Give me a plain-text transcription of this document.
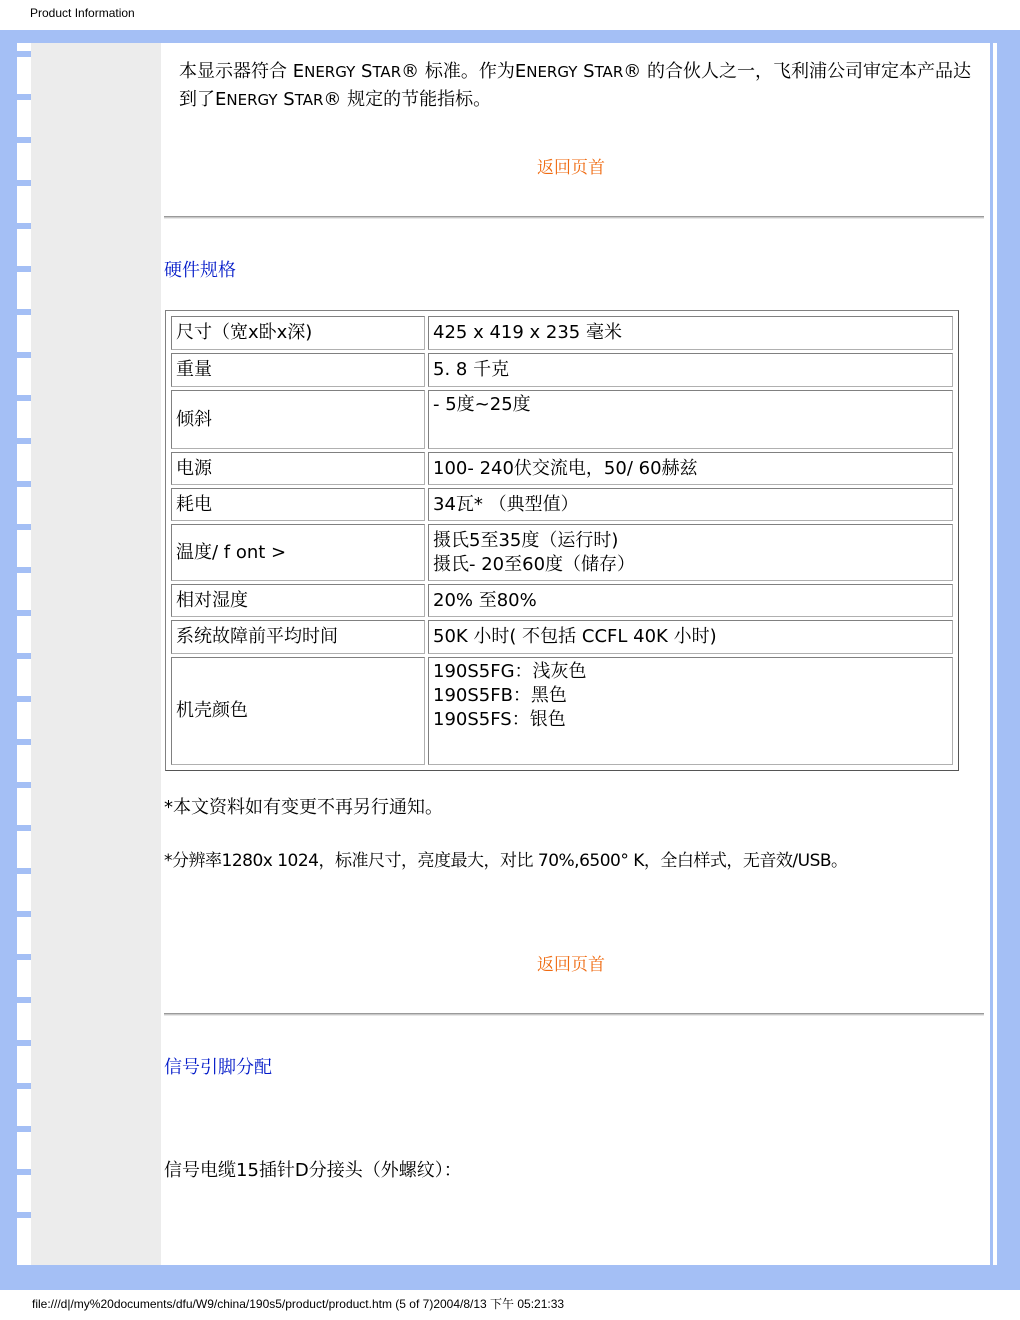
Product Information
本显示器符合 ENERGY STAR® 标准。作为ENERGY STAR® 的合伙人之一，飞利浦公司审定本产品达到了ENERGY STAR® 规定的节能指标。
返回页首
硬件规格
尺寸（宽x卧x深)	425 x 419 x 235 毫米
重量	5. 8 千克
倾斜	- 5度~25度
电源	100- 240伏交流电，50/ 60赫兹
耗电	34瓦* （典型值）
温度/ f ont >	摄氏5至35度（运行时)
摄氏- 20至60度（储存）

相对湿度	20% 至80%
系统故障前平均时间	50K 小时( 不包括 CCFL 40K 小时)
机壳颜色	190S5FG：浅灰色
190S5FB：黑色
190S5FS：银色
*本文资料如有变更不再另行通知。
*分辨率1280x 1024，标准尺寸，亮度最大，对比 70%,6500° K，全白样式，无音效/USB。
返回页首
信号引脚分配
信号电缆15插针D分接头（外螺纹）：
file:///d|/my%20documents/dfu/W9/china/190s5/product/product.htm (5 of 7)2004/8/13 下午 05:21:33
